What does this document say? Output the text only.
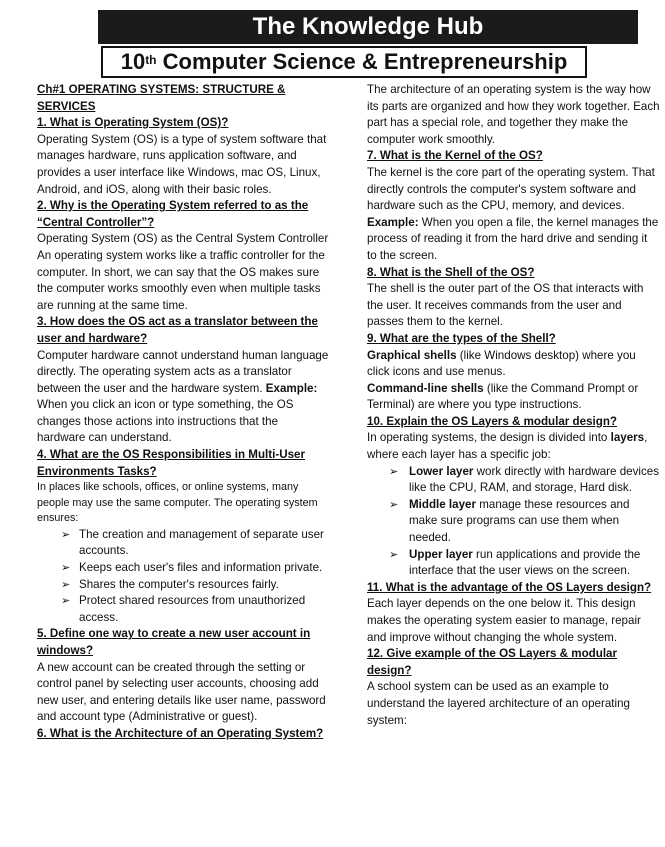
The Knowledge Hub
10th Computer Science & Entrepreneurship

Ch#1 OPERATING SYSTEMS: STRUCTURE & SERVICES

1. What is Operating System (OS)?

Operating System (OS) is a type of system software that manages hardware, runs application software, and provides a user interface like Windows, mac OS, Linux, Android, and iOS, along with their basic roles.

2. Why is the Operating System referred to as the “Central Controller”?

Operating System (OS) as the Central System Controller An operating system works like a traffic controller for the computer. In short, we can say that the OS makes sure the computer works smoothly even when multiple tasks are running at the same time.

3. How does the OS act as a translator between the user and hardware?

Computer hardware cannot understand human language directly. The operating system acts as a translator between the user and the hardware system. Example: When you click an icon or type something, the OS changes those actions into instructions that the hardware can understand.

4. What are the OS Responsibilities in Multi-User Environments Tasks?

In places like schools, offices, or online systems, many people may use the same computer. The operating system ensures:

➢ The creation and management of separate user accounts.
➢ Keeps each user's files and information private.
➢ Shares the computer's resources fairly.
➢ Protect shared resources from unauthorized access.

5. Define one way to create a new user account in windows?

A new account can be created through the setting or control panel by selecting user accounts, choosing add new user, and entering details like user name, password and account type (Administrative or guest).

6. What is the Architecture of an Operating System?

The architecture of an operating system is the way how its parts are organized and how they work together. Each part has a special role, and together they make the computer work smoothly.

7. What is the Kernel of the OS?

The kernel is the core part of the operating system. That directly controls the computer's system software and hardware such as the CPU, memory, and devices. Example: When you open a file, the kernel manages the process of reading it from the hard drive and sending it to the screen.

8. What is the Shell of the OS?

The shell is the outer part of the OS that interacts with the user. It receives commands from the user and passes them to the kernel.

9. What are the types of the Shell?

Graphical shells (like Windows desktop) where you click icons and use menus.

Command-line shells (like the Command Prompt or Terminal) are where you type instructions.

10. Explain the OS Layers & modular design?

In operating systems, the design is divided into layers, where each layer has a specific job:

➢ Lower layer work directly with hardware devices like the CPU, RAM, and storage, Hard disk.
➢ Middle layer manage these resources and make sure programs can use them when needed.
➢ Upper layer run applications and provide the interface that the user views on the screen.

11. What is the advantage of the OS Layers design?

Each layer depends on the one below it. This design makes the operating system easier to manage, repair and improve without changing the whole system.

12. Give example of the OS Layers & modular design?

A school system can be used as an example to understand the layered architecture of an operating system:
